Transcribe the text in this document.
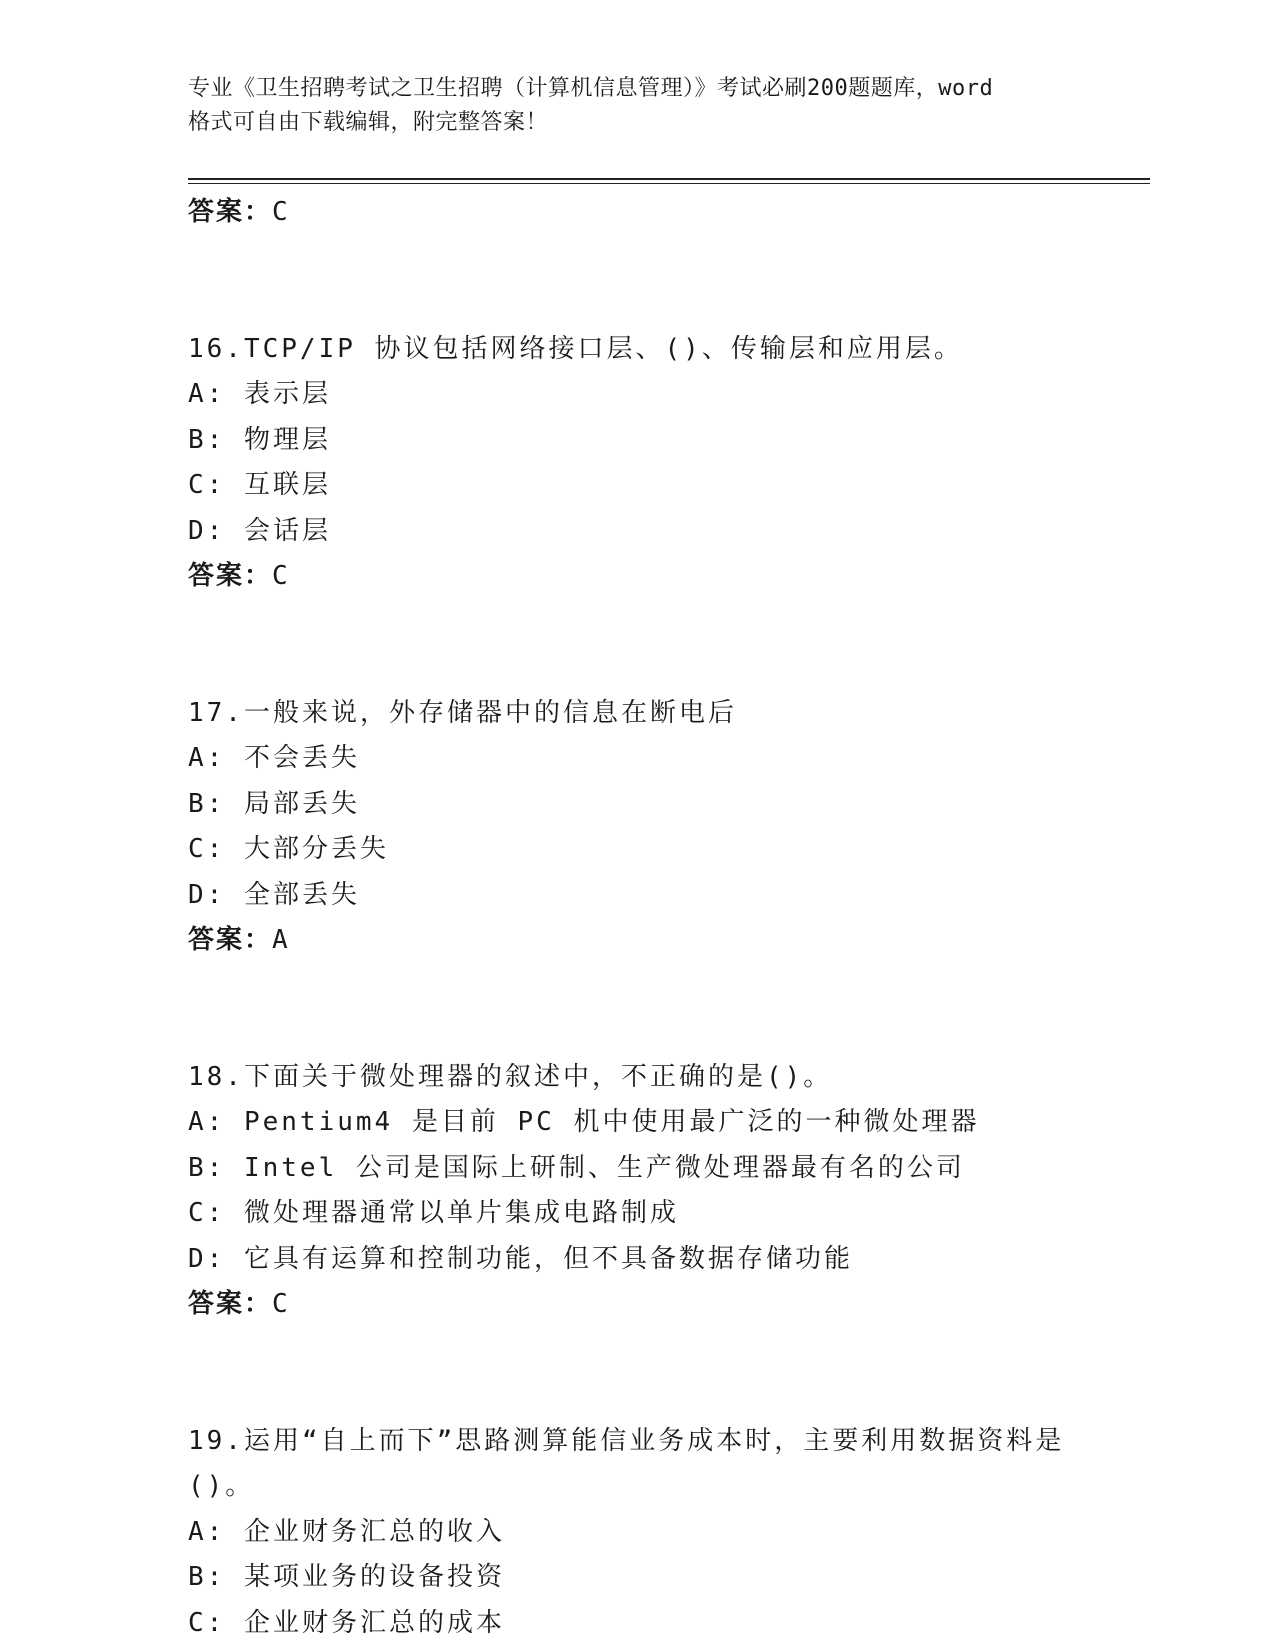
专业《卫生招聘考试之卫生招聘（计算机信息管理）》考试必刷200题题库，word
格式可自由下载编辑，附完整答案！
答案：C
16.TCP/IP 协议包括网络接口层、()、传输层和应用层。
A: 表示层
B: 物理层
C: 互联层
D: 会话层
答案：C
17.一般来说，外存储器中的信息在断电后
A: 不会丢失
B: 局部丢失
C: 大部分丢失
D: 全部丢失
答案：A
18.下面关于微处理器的叙述中，不正确的是()。
A: Pentium4 是目前 PC 机中使用最广泛的一种微处理器
B: Intel 公司是国际上研制、生产微处理器最有名的公司
C: 微处理器通常以单片集成电路制成
D: 它具有运算和控制功能，但不具备数据存储功能
答案：C
19.运用“自上而下”思路测算能信业务成本时，主要利用数据资料是
()。
A: 企业财务汇总的收入
B: 某项业务的设备投资
C: 企业财务汇总的成本
